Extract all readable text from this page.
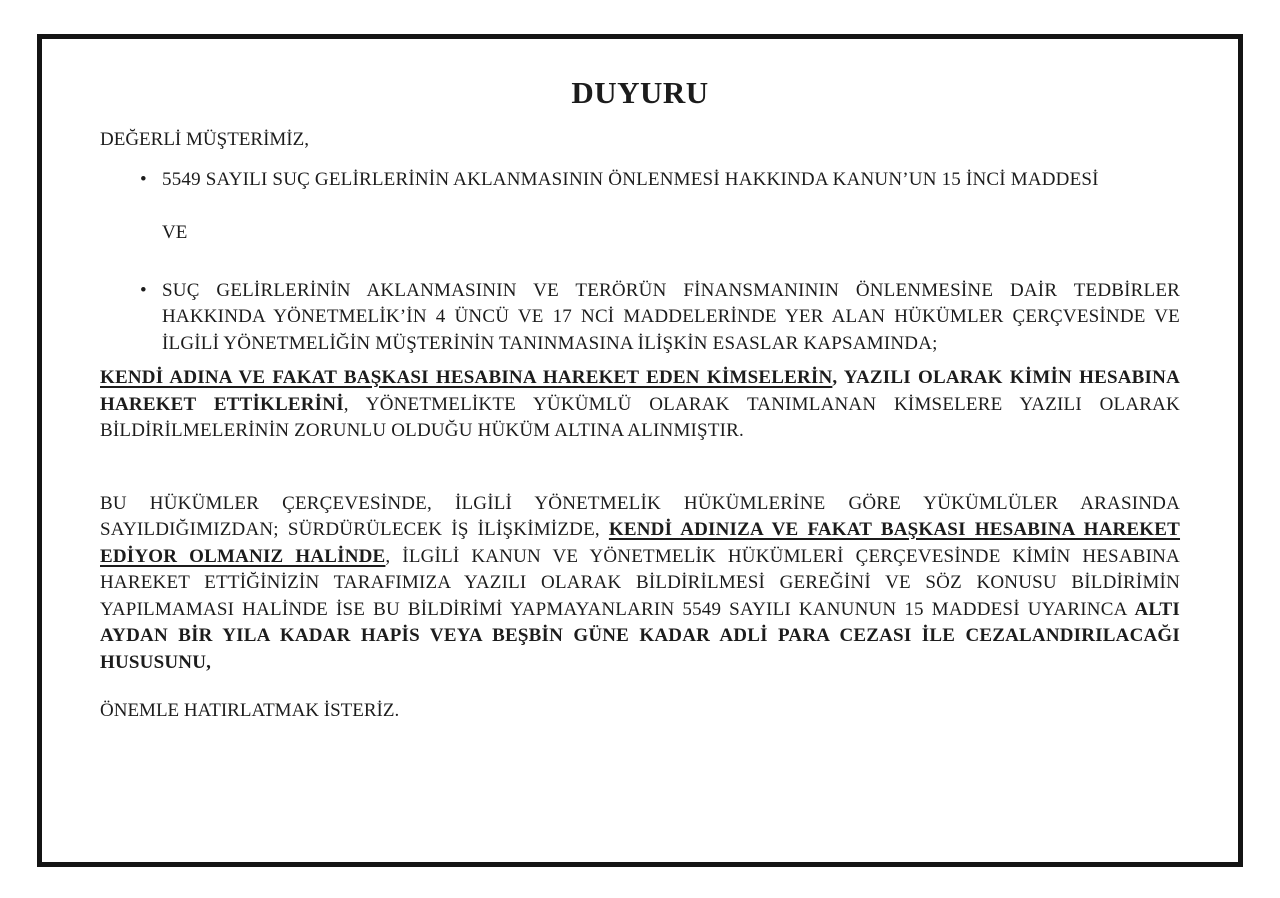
DUYURU

DEĞERLİ MÜŞTERİMİZ,

• 5549 SAYILI SUÇ GELİRLERİNİN AKLANMASININ ÖNLENMESİ HAKKINDA KANUN’UN 15 İNCİ MADDESİ

VE

• SUÇ GELİRLERİNİN AKLANMASININ VE TERÖRÜN FİNANSMANININ ÖNLENMESİNE DAİR TEDBİRLER HAKKINDA YÖNETMELİK’İN 4 ÜNCÜ VE 17 NCİ MADDELERİNDE YER ALAN HÜKÜMLER ÇERÇVESİNDE VE İLGİLİ YÖNETMELİĞİN MÜŞTERİNİN TANINMASINA İLİŞKİN ESASLAR KAPSAMINDA;

KENDİ ADINA VE FAKAT BAŞKASI HESABINA HAREKET EDEN KİMSELERİN, YAZILI OLARAK KİMİN HESABINA HAREKET ETTİKLERİNİ, YÖNETMELİKTE YÜKÜMLÜ OLARAK TANIMLANAN KİMSELERE YAZILI OLARAK BİLDİRİLMELERİNİN ZORUNLU OLDUĞU HÜKÜM ALTINA ALINMIŞTIR.

BU HÜKÜMLER ÇERÇEVESİNDE, İLGİLİ YÖNETMELİK HÜKÜMLERİNE GÖRE YÜKÜMLÜLER ARASINDA SAYILDIĞIMIZDAN; SÜRDÜRÜLECEK İŞ İLİŞKİMİZDE, KENDİ ADINIZA VE FAKAT BAŞKASI HESABINA HAREKET EDİYOR OLMANIZ HALİNDE, İLGİLİ KANUN VE YÖNETMELİK HÜKÜMLERİ ÇERÇEVESİNDE KİMİN HESABINA HAREKET ETTİĞİNİZİN TARAFIMIZA YAZILI OLARAK BİLDİRİLMESİ GEREĞİNİ VE SÖZ KONUSU BİLDİRİMİN YAPILMAMASI HALİNDE İSE BU BİLDİRİMİ YAPMAYANLARIN 5549 SAYILI KANUNUN 15 MADDESİ UYARINCA ALTI AYDAN BİR YILA KADAR HAPİS VEYA BEŞBİN GÜNE KADAR ADLİ PARA CEZASI İLE CEZALANDIRILACAĞI HUSUSUNU,

ÖNEMLE HATIRLATMAK İSTERİZ.
